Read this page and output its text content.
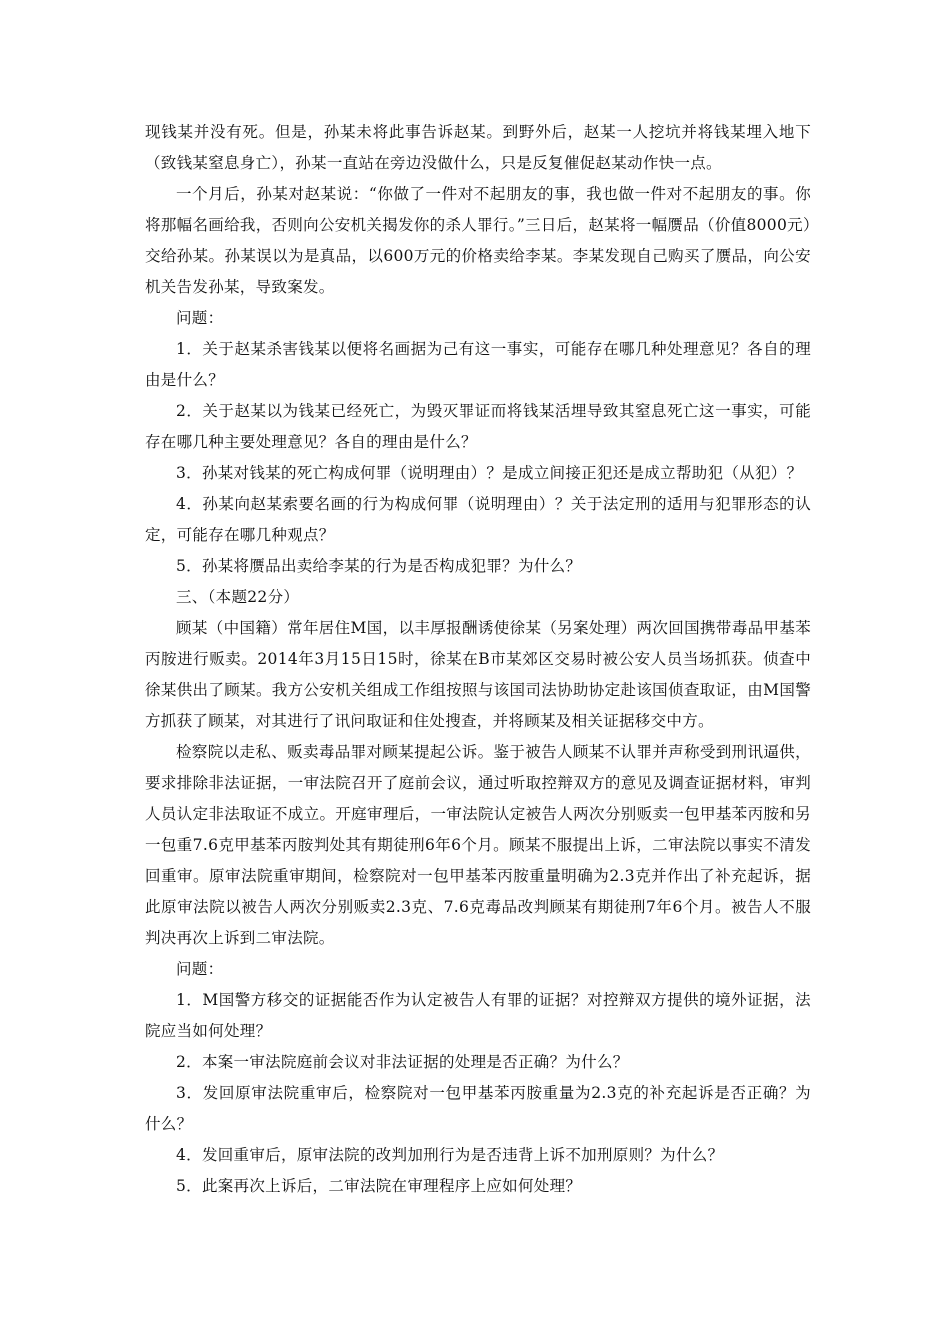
现钱某并没有死。但是，孙某未将此事告诉赵某。到野外后，赵某一人挖坑并将钱某埋入地下（致钱某窒息身亡），孙某一直站在旁边没做什么，只是反复催促赵某动作快一点。

一个月后，孙某对赵某说：“你做了一件对不起朋友的事，我也做一件对不起朋友的事。你将那幅名画给我，否则向公安机关揭发你的杀人罪行。”三日后，赵某将一幅赝品（价值8000元）交给孙某。孙某误以为是真品，以600万元的价格卖给李某。李某发现自己购买了赝品，向公安机关告发孙某，导致案发。

问题：

1．关于赵某杀害钱某以便将名画据为己有这一事实，可能存在哪几种处理意见？各自的理由是什么？

2．关于赵某以为钱某已经死亡，为毁灭罪证而将钱某活埋导致其窒息死亡这一事实，可能存在哪几种主要处理意见？各自的理由是什么？

3．孙某对钱某的死亡构成何罪（说明理由）？是成立间接正犯还是成立帮助犯（从犯）？

4．孙某向赵某索要名画的行为构成何罪（说明理由）？关于法定刑的适用与犯罪形态的认定，可能存在哪几种观点？

5．孙某将赝品出卖给李某的行为是否构成犯罪？为什么？

三、（本题22分）

顾某（中国籍）常年居住M国，以丰厚报酬诱使徐某（另案处理）两次回国携带毒品甲基苯丙胺进行贩卖。2014年3月15日15时，徐某在B市某郊区交易时被公安人员当场抓获。侦查中徐某供出了顾某。我方公安机关组成工作组按照与该国司法协助协定赴该国侦查取证，由M国警方抓获了顾某，对其进行了讯问取证和住处搜查，并将顾某及相关证据移交中方。

检察院以走私、贩卖毒品罪对顾某提起公诉。鉴于被告人顾某不认罪并声称受到刑讯逼供，要求排除非法证据，一审法院召开了庭前会议，通过听取控辩双方的意见及调查证据材料，审判人员认定非法取证不成立。开庭审理后，一审法院认定被告人两次分别贩卖一包甲基苯丙胺和另一包重7.6克甲基苯丙胺判处其有期徒刑6年6个月。顾某不服提出上诉，二审法院以事实不清发回重审。原审法院重审期间，检察院对一包甲基苯丙胺重量明确为2.3克并作出了补充起诉，据此原审法院以被告人两次分别贩卖2.3克、7.6克毒品改判顾某有期徒刑7年6个月。被告人不服判决再次上诉到二审法院。

问题：

1．M国警方移交的证据能否作为认定被告人有罪的证据？对控辩双方提供的境外证据，法院应当如何处理？

2．本案一审法院庭前会议对非法证据的处理是否正确？为什么？

3．发回原审法院重审后，检察院对一包甲基苯丙胺重量为2.3克的补充起诉是否正确？为什么？

4．发回重审后，原审法院的改判加刑行为是否违背上诉不加刑原则？为什么？

5．此案再次上诉后，二审法院在审理程序上应如何处理？
